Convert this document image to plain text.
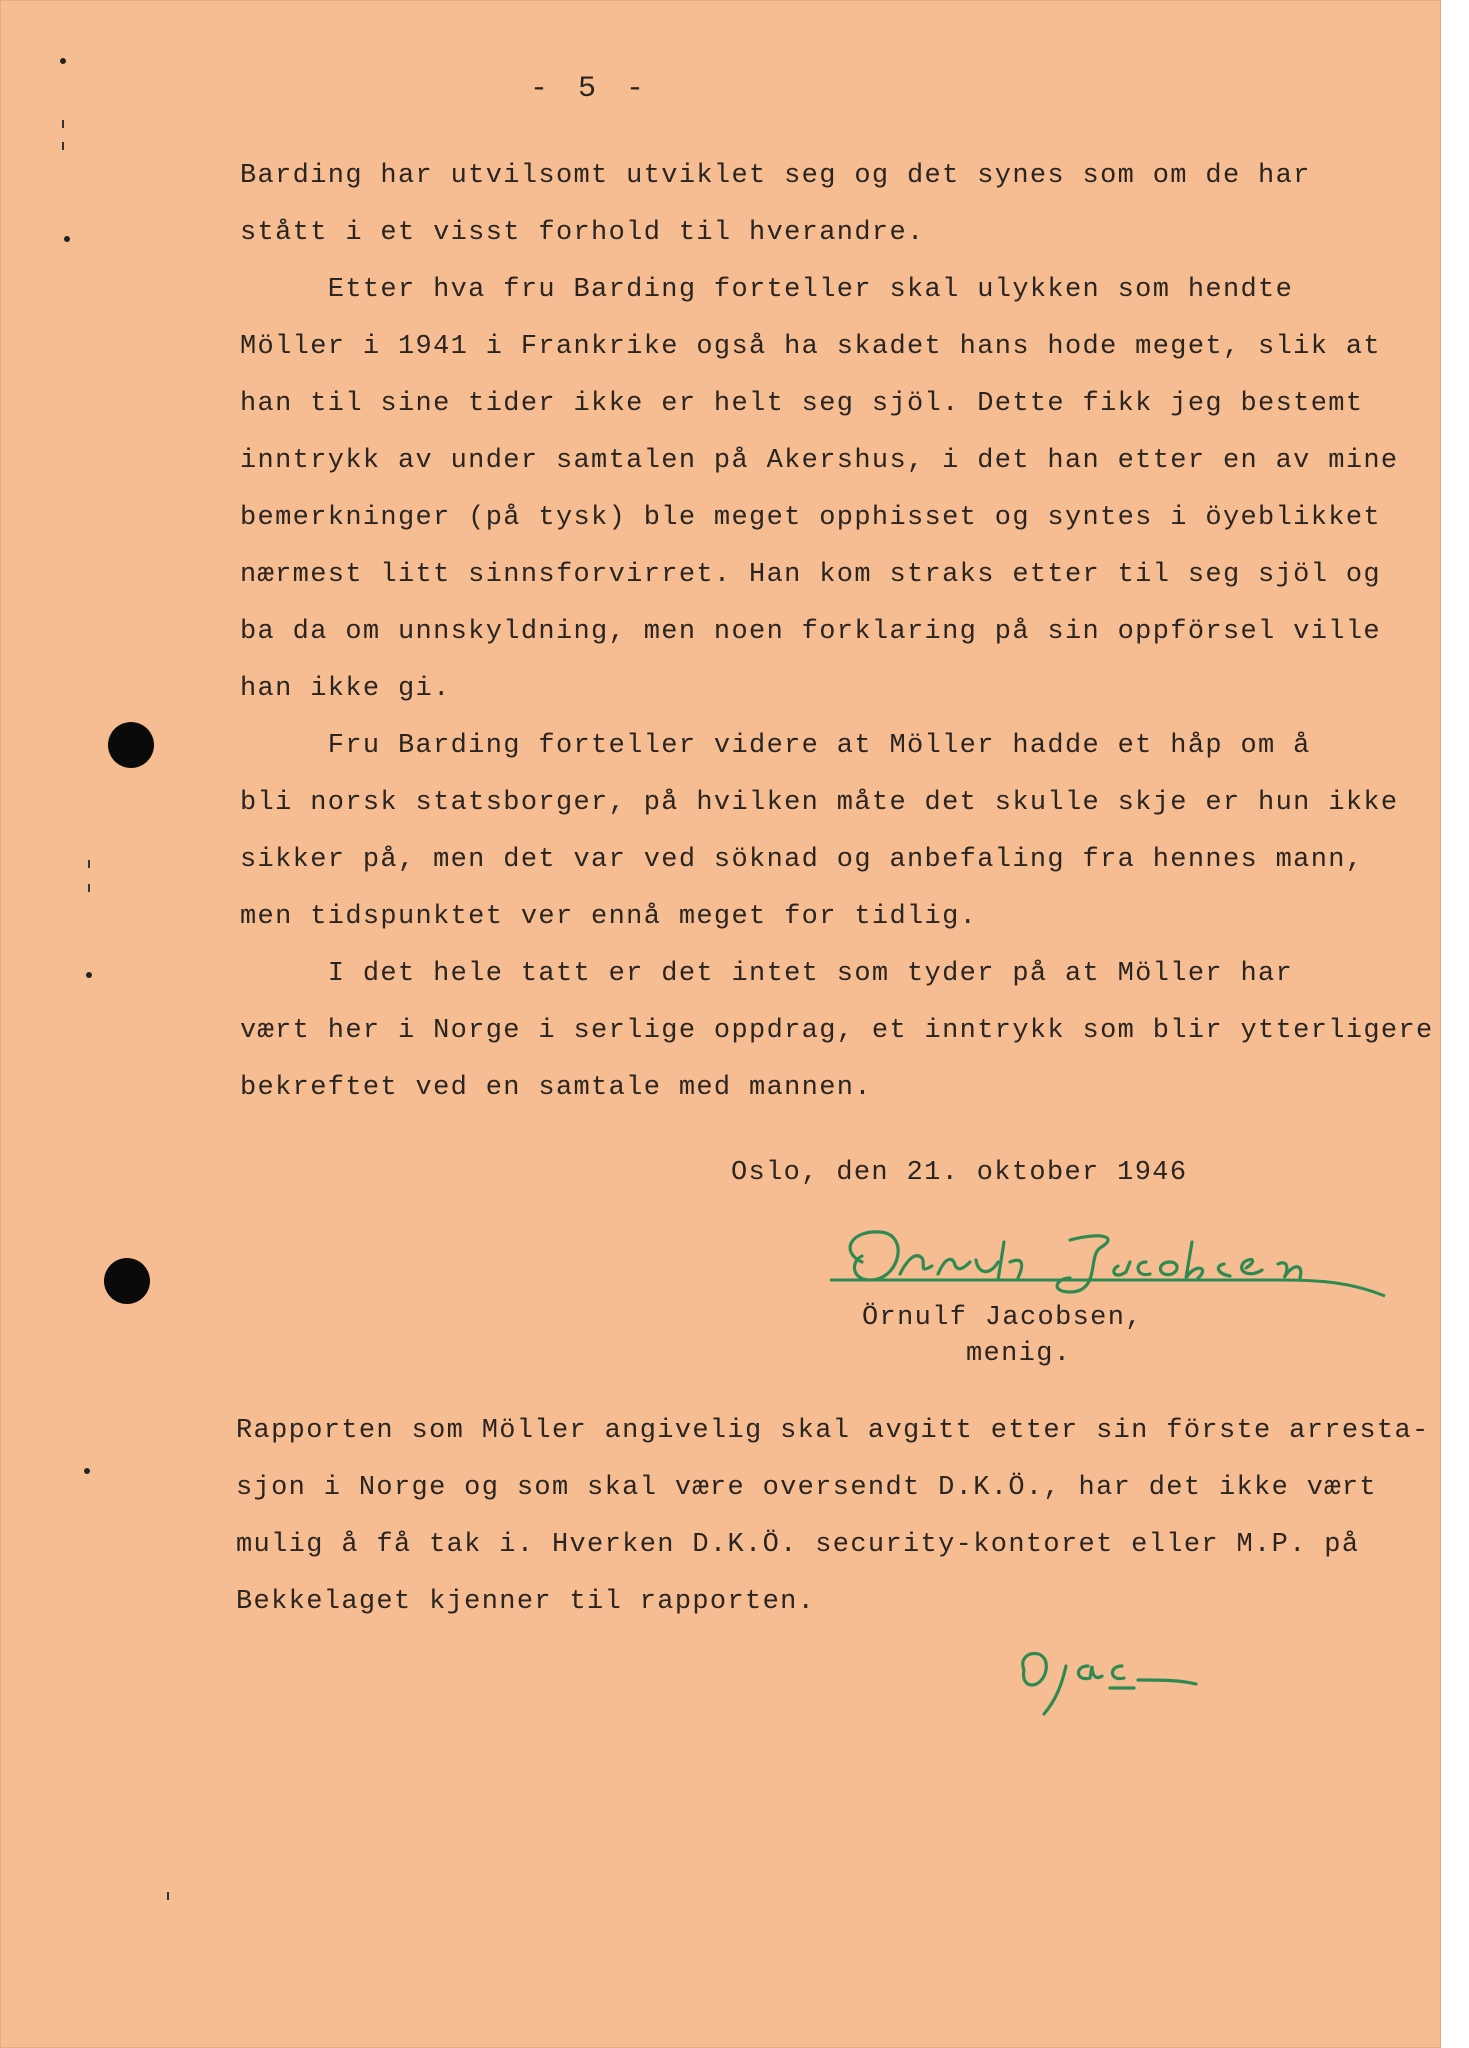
- 5 -

Barding har utvilsomt utviklet seg og det synes som om de har

stått i et visst forhold til hverandre.

Etter hva fru Barding forteller skal ulykken som hendte

Möller i 1941 i Frankrike også ha skadet hans hode meget, slik at

han til sine tider ikke er helt seg sjöl. Dette fikk jeg bestemt

inntrykk av under samtalen på Akershus, i det han etter en av mine

bemerkninger (på tysk) ble meget opphisset og syntes i öyeblikket

nærmest litt sinnsforvirret. Han kom straks etter til seg sjöl og

ba da om unnskyldning, men noen forklaring på sin oppförsel ville

han ikke gi.

Fru Barding forteller videre at Möller hadde et håp om å

bli norsk statsborger, på hvilken måte det skulle skje er hun ikke

sikker på, men det var ved söknad og anbefaling fra hennes mann,

men tidspunktet ver ennå meget for tidlig.

I det hele tatt er det intet som tyder på at Möller har

vært her i Norge i serlige oppdrag, et inntrykk som blir ytterligere

bekreftet ved en samtale med mannen.

Oslo, den 21. oktober 1946

Örnulf Jacobsen,

menig.

Rapporten som Möller angivelig skal avgitt etter sin förste arresta-

sjon i Norge og som skal være oversendt D.K.Ö., har det ikke vært

mulig å få tak i. Hverken D.K.Ö. security-kontoret eller M.P. på

Bekkelaget kjenner til rapporten.
